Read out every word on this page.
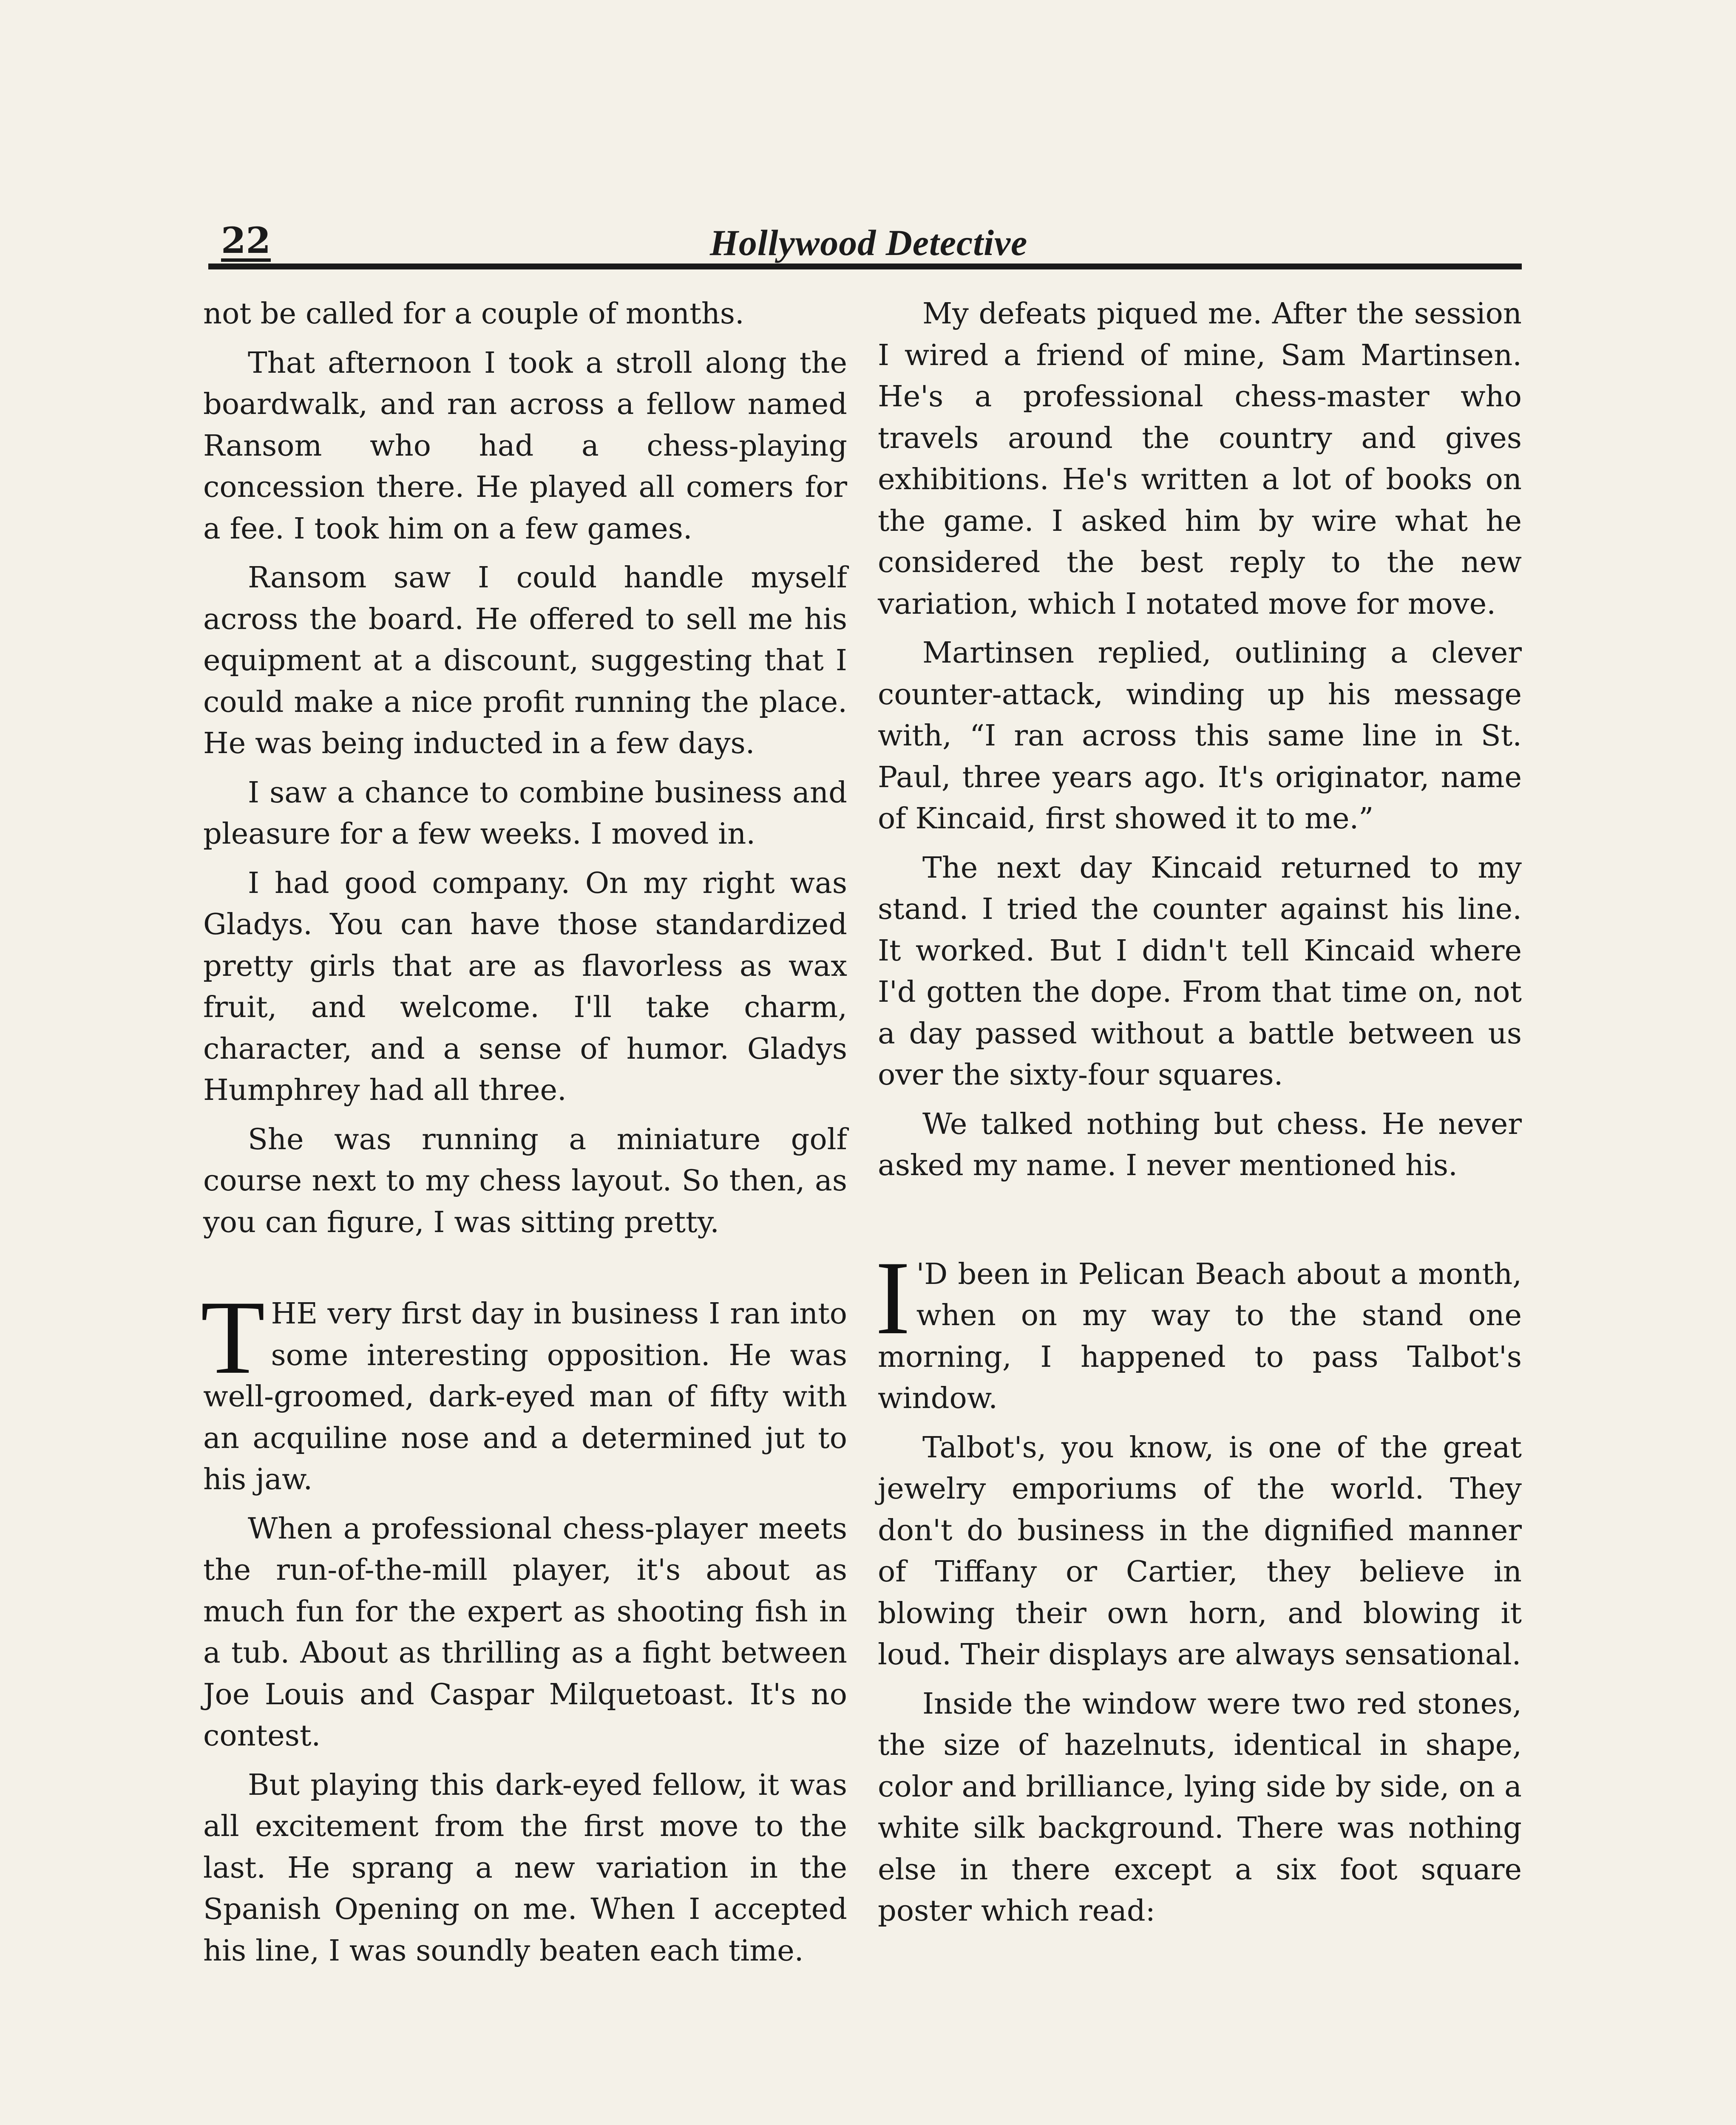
22	Hollywood Detective

not be called for a couple of months.

That afternoon I took a stroll along the boardwalk, and ran across a fellow named Ransom who had a chess-playing concession there. He played all comers for a fee. I took him on a few games.

Ransom saw I could handle myself across the board. He offered to sell me his equipment at a discount, suggesting that I could make a nice profit running the place. He was being inducted in a few days.

I saw a chance to combine business and pleasure for a few weeks. I moved in.

I had good company. On my right was Gladys. You can have those standardized pretty girls that are as flavorless as wax fruit, and welcome. I'll take charm, character, and a sense of humor. Gladys Humphrey had all three.

She was running a miniature golf course next to my chess layout. So then, as you can figure, I was sitting pretty.

THE very first day in business I ran into some interesting opposition. He was well-groomed, dark-eyed man of fifty with an acquiline nose and a determined jut to his jaw.

When a professional chess-player meets the run-of-the-mill player, it's about as much fun for the expert as shooting fish in a tub. About as thrilling as a fight between Joe Louis and Caspar Milquetoast. It's no contest.

But playing this dark-eyed fellow, it was all excitement from the first move to the last. He sprang a new variation in the Spanish Opening on me. When I accepted his line, I was soundly beaten each time.

My defeats piqued me. After the session I wired a friend of mine, Sam Martinsen. He's a professional chess-master who travels around the country and gives exhibitions. He's written a lot of books on the game. I asked him by wire what he considered the best reply to the new variation, which I notated move for move.

Martinsen replied, outlining a clever counter-attack, winding up his message with, “I ran across this same line in St. Paul, three years ago. It's originator, name of Kincaid, first showed it to me.”

The next day Kincaid returned to my stand. I tried the counter against his line. It worked. But I didn't tell Kincaid where I'd gotten the dope. From that time on, not a day passed without a battle between us over the sixty-four squares.

We talked nothing but chess. He never asked my name. I never mentioned his.

I 'D been in Pelican Beach about a month, when on my way to the stand one morning, I happened to pass Talbot's window.

Talbot's, you know, is one of the great jewelry emporiums of the world. They don't do business in the dignified manner of Tiffany or Cartier, they believe in blowing their own horn, and blowing it loud. Their displays are always sensational.

Inside the window were two red stones, the size of hazelnuts, identical in shape, color and brilliance, lying side by side, on a white silk background. There was nothing else in there except a six foot square poster which read:
